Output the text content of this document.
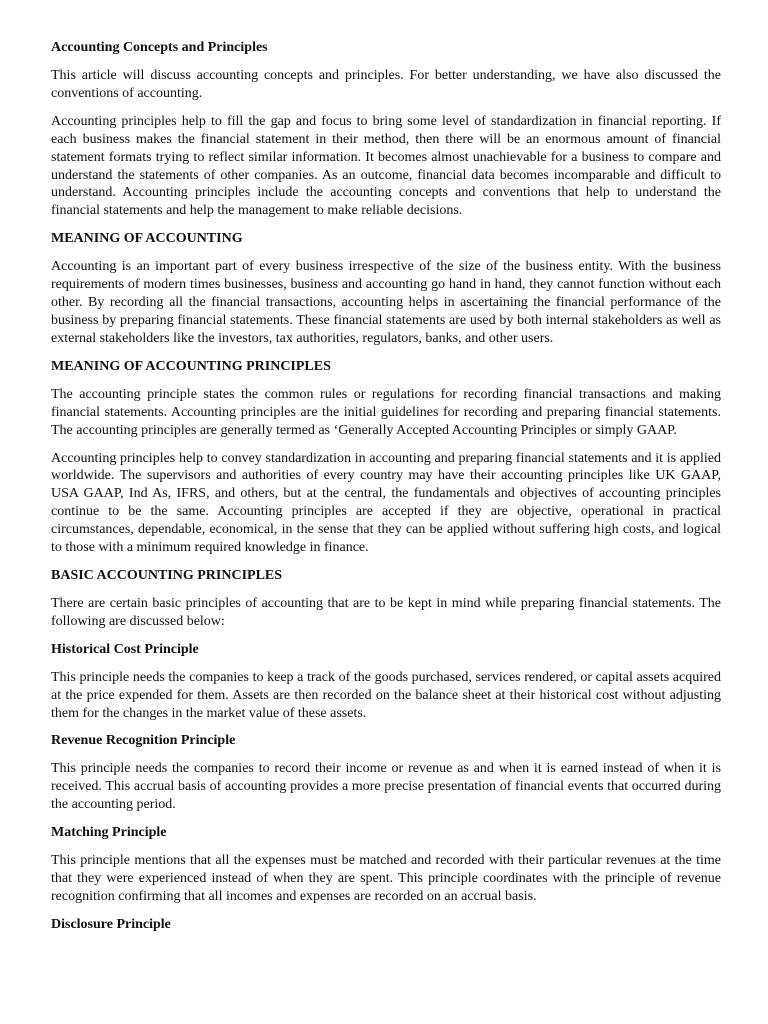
Accounting Concepts and Principles

This article will discuss accounting concepts and principles. For better understanding, we have also discussed the conventions of accounting.

Accounting principles help to fill the gap and focus to bring some level of standardization in financial reporting. If each business makes the financial statement in their method, then there will be an enormous amount of financial statement formats trying to reflect similar information. It becomes almost unachievable for a business to compare and understand the statements of other companies. As an outcome, financial data becomes incomparable and difficult to understand. Accounting principles include the accounting concepts and conventions that help to understand the financial statements and help the management to make reliable decisions.

MEANING OF ACCOUNTING

Accounting is an important part of every business irrespective of the size of the business entity. With the business requirements of modern times businesses, business and accounting go hand in hand, they cannot function without each other. By recording all the financial transactions, accounting helps in ascertaining the financial performance of the business by preparing financial statements. These financial statements are used by both internal stakeholders as well as external stakeholders like the investors, tax authorities, regulators, banks, and other users.

MEANING OF ACCOUNTING PRINCIPLES

The accounting principle states the common rules or regulations for recording financial transactions and making financial statements. Accounting principles are the initial guidelines for recording and preparing financial statements. The accounting principles are generally termed as ‘Generally Accepted Accounting Principles or simply GAAP.

Accounting principles help to convey standardization in accounting and preparing financial statements and it is applied worldwide. The supervisors and authorities of every country may have their accounting principles like UK GAAP, USA GAAP, Ind As, IFRS, and others, but at the central, the fundamentals and objectives of accounting principles continue to be the same. Accounting principles are accepted if they are objective, operational in practical circumstances, dependable, economical, in the sense that they can be applied without suffering high costs, and logical to those with a minimum required knowledge in finance.

BASIC ACCOUNTING PRINCIPLES

There are certain basic principles of accounting that are to be kept in mind while preparing financial statements. The following are discussed below:

Historical Cost Principle

This principle needs the companies to keep a track of the goods purchased, services rendered, or capital assets acquired at the price expended for them. Assets are then recorded on the balance sheet at their historical cost without adjusting them for the changes in the market value of these assets.

Revenue Recognition Principle

This principle needs the companies to record their income or revenue as and when it is earned instead of when it is received. This accrual basis of accounting provides a more precise presentation of financial events that occurred during the accounting period.

Matching Principle

This principle mentions that all the expenses must be matched and recorded with their particular revenues at the time that they were experienced instead of when they are spent. This principle coordinates with the principle of revenue recognition confirming that all incomes and expenses are recorded on an accrual basis.

Disclosure Principle
